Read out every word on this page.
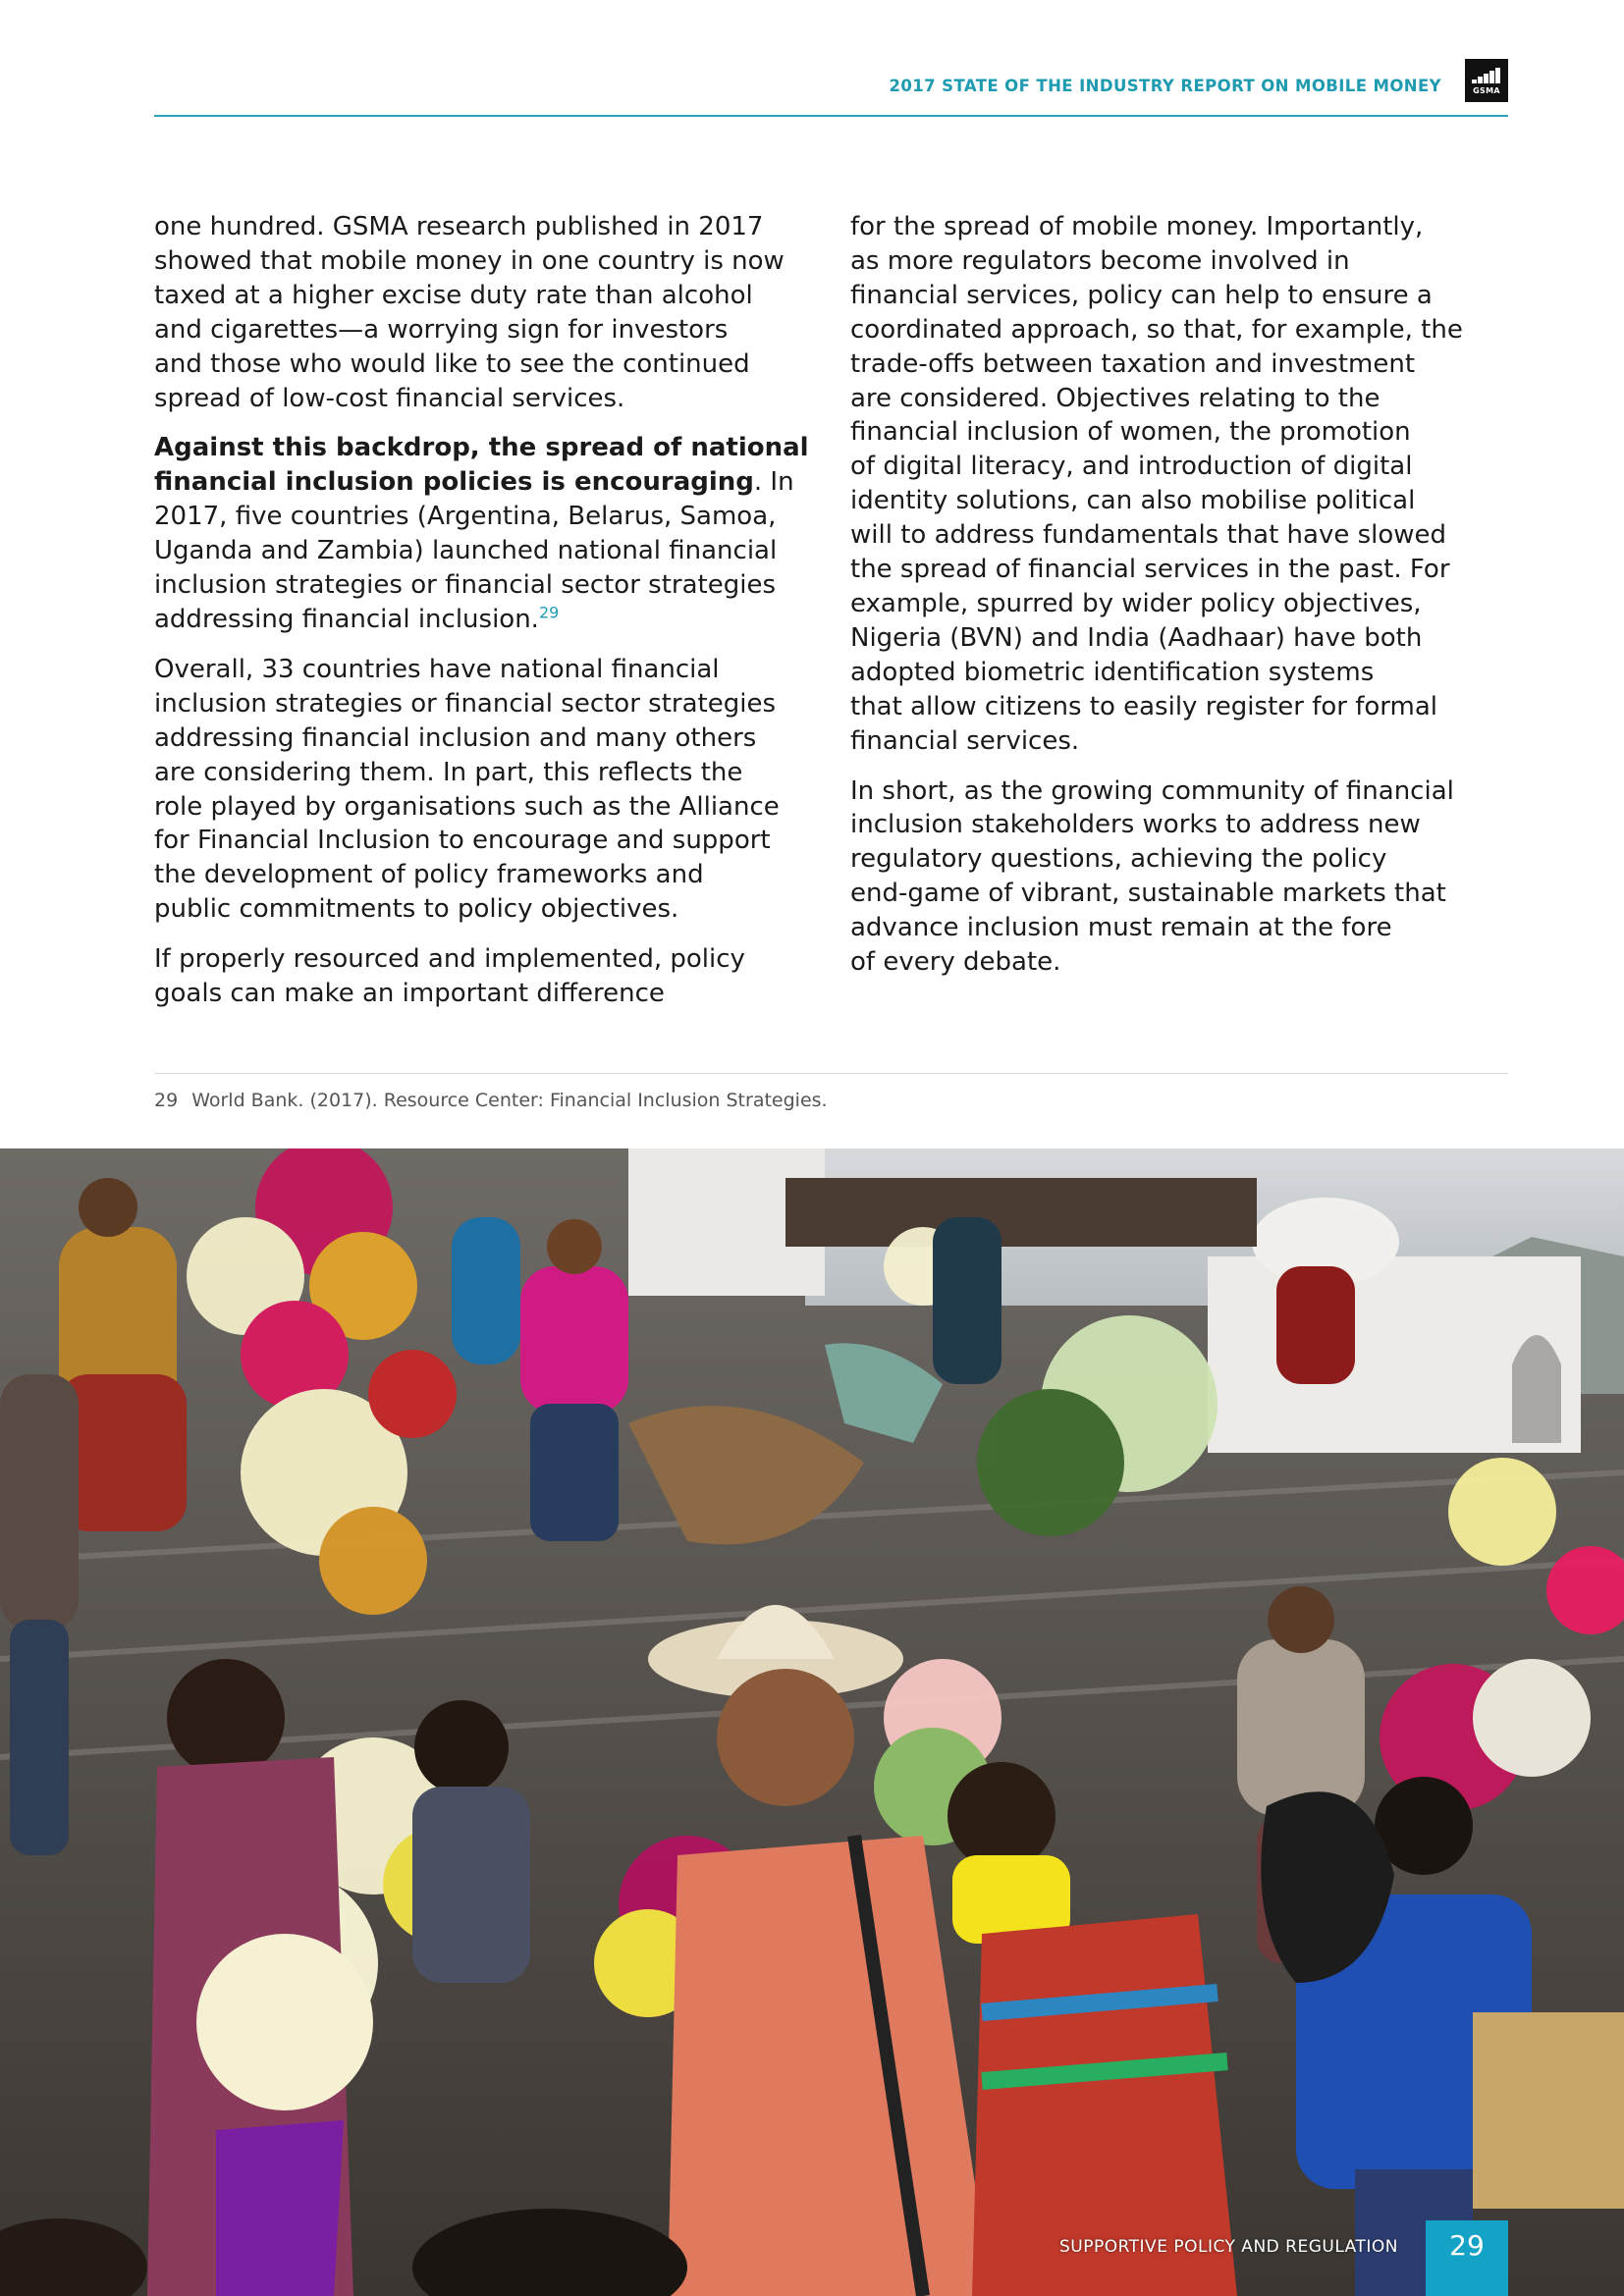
2017 STATE OF THE INDUSTRY REPORT ON MOBILE MONEY	GSMA

one hundred. GSMA research published in 2017
showed that mobile money in one country is now
taxed at a higher excise duty rate than alcohol
and cigarettes—a worrying sign for investors
and those who would like to see the continued
spread of low-cost financial services.

Against this backdrop, the spread of national
financial inclusion policies is encouraging. In
2017, five countries (Argentina, Belarus, Samoa,
Uganda and Zambia) launched national financial
inclusion strategies or financial sector strategies
addressing financial inclusion.$^{29}$

Overall, 33 countries have national financial
inclusion strategies or financial sector strategies
addressing financial inclusion and many others
are considering them. In part, this reflects the
role played by organisations such as the Alliance
for Financial Inclusion to encourage and support
the development of policy frameworks and
public commitments to policy objectives.

If properly resourced and implemented, policy
goals can make an important difference

for the spread of mobile money. Importantly,
as more regulators become involved in
financial services, policy can help to ensure a
coordinated approach, so that, for example, the
trade-offs between taxation and investment
are considered. Objectives relating to the
financial inclusion of women, the promotion
of digital literacy, and introduction of digital
identity solutions, can also mobilise political
will to address fundamentals that have slowed
the spread of financial services in the past. For
example, spurred by wider policy objectives,
Nigeria (BVN) and India (Aadhaar) have both
adopted biometric identification systems
that allow citizens to easily register for formal
financial services.

In short, as the growing community of financial
inclusion stakeholders works to address new
regulatory questions, achieving the policy
end-game of vibrant, sustainable markets that
advance inclusion must remain at the fore
of every debate.

29 World Bank. (2017). Resource Center: Financial Inclusion Strategies.
SUPPORTIVE POLICY AND REGULATION	29
